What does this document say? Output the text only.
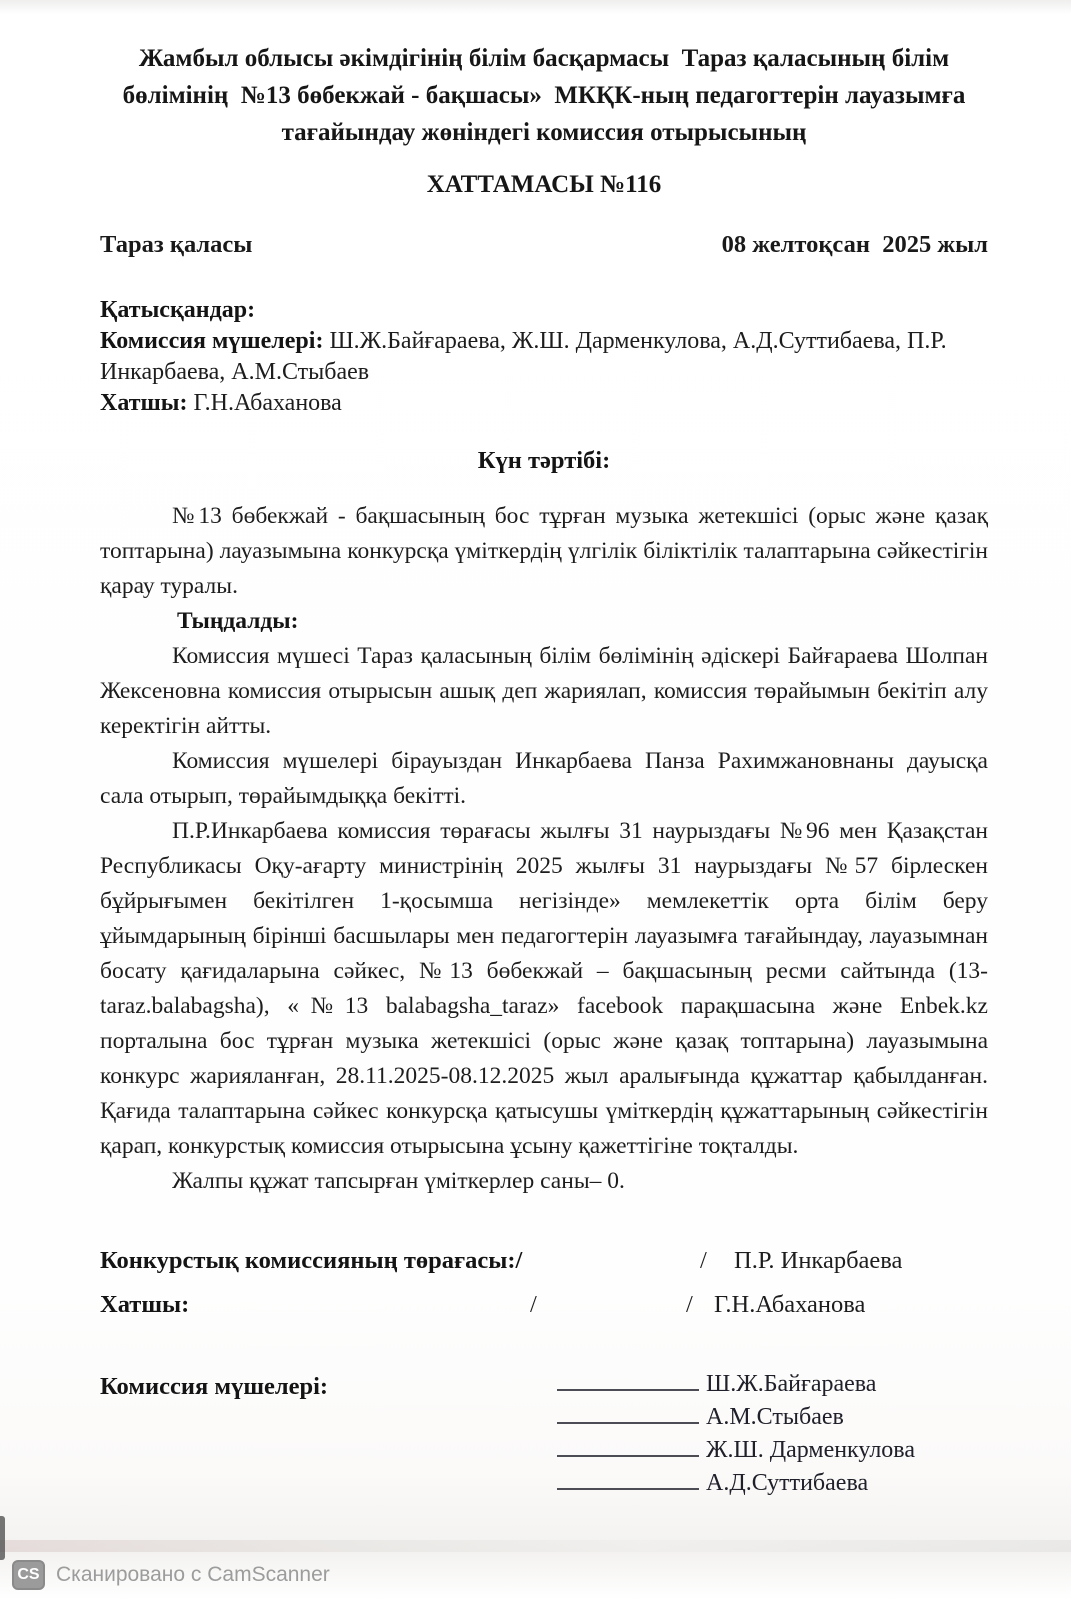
Жамбыл облысы әкімдігінің білім басқармасы  Тараз қаласының білім
бөлімінің  №13 бөбекжай - бақшасы»  МКҚК-ның педагогтерін лауазымға
тағайындау жөніндегі комиссия отырысының
ХАТТАМАСЫ №116
Тараз қаласы	08 желтоқсан  2025 жыл

Қатысқандар:

Комиссия мүшелері: Ш.Ж.Байғараева, Ж.Ш. Дарменкулова, А.Д.Суттибаева, П.Р. Инкарбаева, А.М.Стыбаев

Хатшы: Г.Н.Абаханова

Күн тәртібі:

№13 бөбекжай - бақшасының бос тұрған музыка жетекшісі (орыс және қазақ топтарына) лауазымына конкурсқа үміткердің үлгілік біліктілік талаптарына сәйкестігін қарау туралы.

Тыңдалды:

Комиссия мүшесі Тараз қаласының білім бөлімінің әдіскері Байғараева Шолпан Жексеновна комиссия отырысын ашық деп жариялап, комиссия төрайымын бекітіп алу керектігін айтты.

Комиссия мүшелері бірауыздан Инкарбаева Панза Рахимжановнаны дауысқа сала отырып, төрайымдыққа бекітті.

П.Р.Инкарбаева комиссия төрағасы жылғы 31 наурыздағы №96 мен Қазақстан Республикасы Оқу-ағарту министрінің 2025 жылғы 31 наурыздағы №57 бірлескен бұйрығымен бекітілген 1-қосымша негізінде» мемлекеттік орта білім беру ұйымдарының бірінші басшылары мен педагогтерін лауазымға тағайындау, лауазымнан босату қағидаларына сәйкес, №13 бөбекжай – бақшасының ресми сайтында (13-taraz.balabagsha), «№13 balabagsha_taraz» facebook парақшасына және Enbek.kz порталына бос тұрған музыка жетекшісі (орыс және қазақ топтарына) лауазымына конкурс жарияланған, 28.11.2025-08.12.2025 жыл аралығында құжаттар қабылданған. Қағида талаптарына сәйкес конкурсқа қатысушы үміткердің құжаттарының сәйкестігін қарап, конкурстық комиссия отырысына ұсыну қажеттігіне тоқталды.

Жалпы құжат тапсырған үміткерлер саны– 0.

Конкурстық комиссияның төрағасы:/	/ П.Р. Инкарбаева
Хатшы:	/	/ Г.Н.Абаханова
Комиссия мүшелері:	Ш.Ж.Байғараева
А.М.Стыбаев
Ж.Ш. Дарменкулова
А.Д.Суттибаева
CS Сканировано с CamScanner
